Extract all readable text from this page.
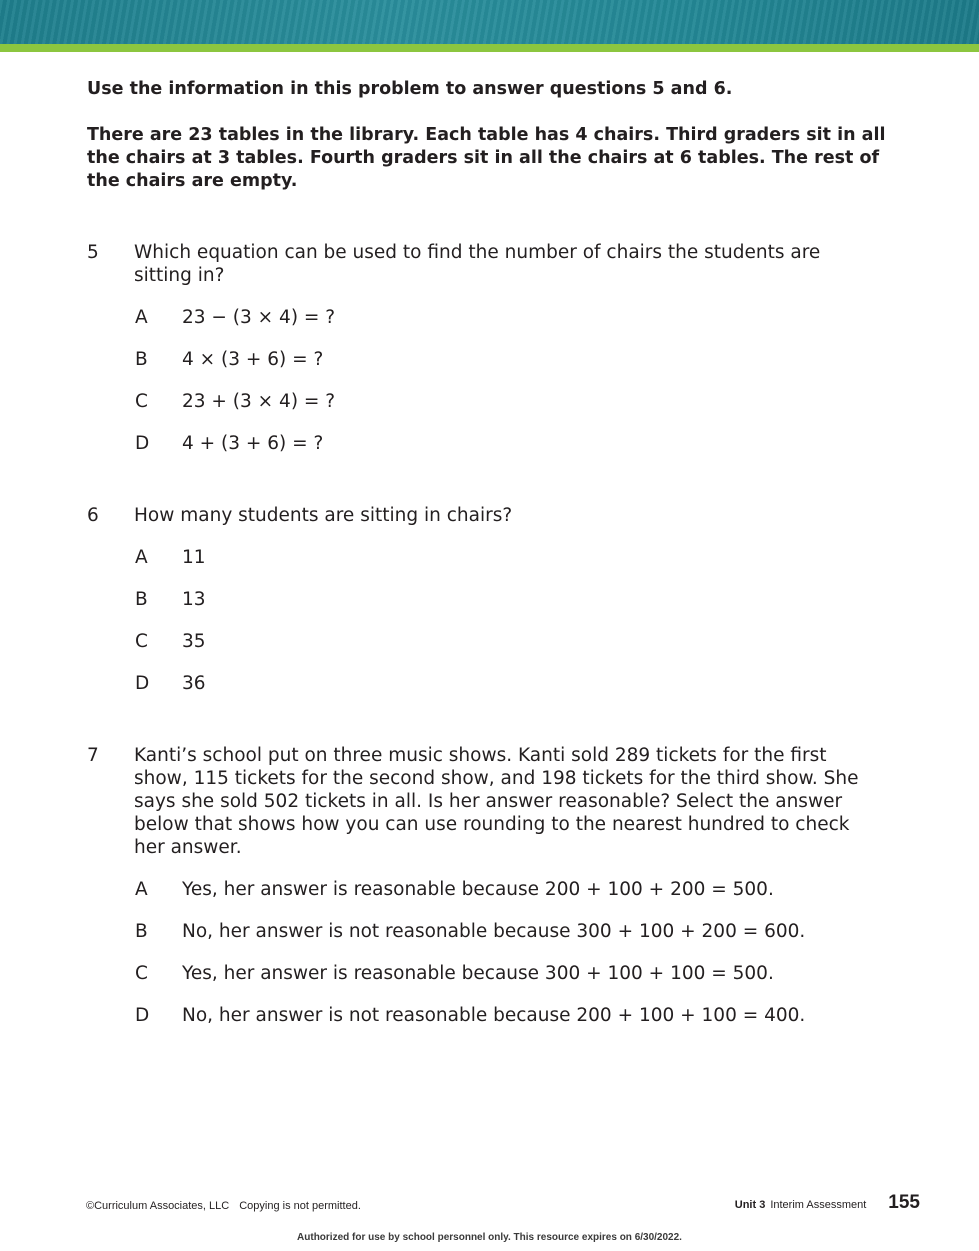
Use the information in this problem to answer questions 5 and 6.

There are 23 tables in the library. Each table has 4 chairs. Third graders sit in all the chairs at 3 tables. Fourth graders sit in all the chairs at 6 tables. The rest of the chairs are empty.

5	Which equation can be used to find the number of chairs the students are sitting in?
A	23 − (3 × 4) = ?
B	4 × (3 + 6) = ?
C	23 + (3 × 4) = ?
D	4 + (3 + 6) = ?
6	How many students are sitting in chairs?
A	11
B	13
C	35
D	36
7	Kanti’s school put on three music shows. Kanti sold 289 tickets for the first show, 115 tickets for the second show, and 198 tickets for the third show. She says she sold 502 tickets in all. Is her answer reasonable? Select the answer below that shows how you can use rounding to the nearest hundred to check her answer.
A	Yes, her answer is reasonable because 200 + 100 + 200 = 500.
B	No, her answer is not reasonable because 300 + 100 + 200 = 600.
C	Yes, her answer is reasonable because 300 + 100 + 100 = 500.
D	No, her answer is not reasonable because 200 + 100 + 100 = 400.
©Curriculum Associates, LLC Copying is not permitted.	Unit 3 Interim Assessment 155
Authorized for use by school personnel only. This resource expires on 6/30/2022.
